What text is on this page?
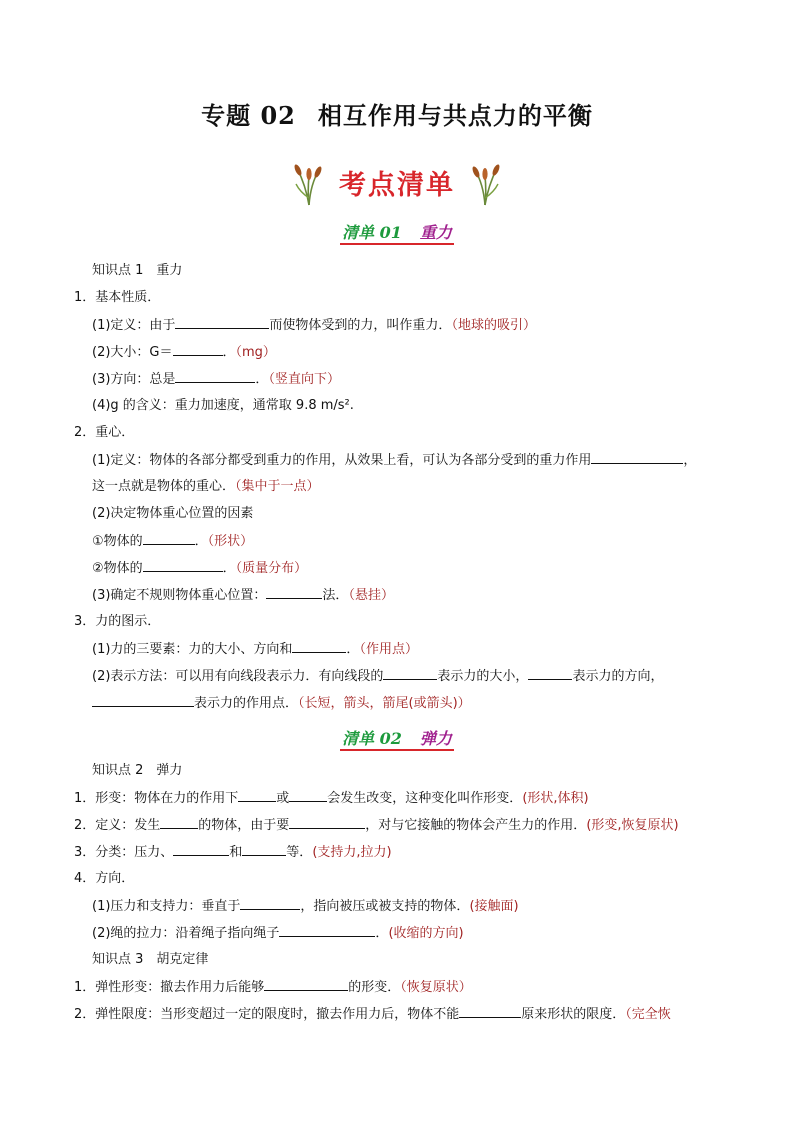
专题 02 相互作用与共点力的平衡
考点清单
清单 01 重力
知识点 1　重力
1．基本性质．
(1)定义：由于	而使物体受到的力，叫作重力．（地球的吸引）
(2)大小：G＝	．（mg）
(3)方向：总是	．（竖直向下）
(4)g 的含义：重力加速度，通常取 9.8 m/s².
2．重心．
(1)定义：物体的各部分都受到重力的作用，从效果上看，可认为各部分受到的重力作用	，
这一点就是物体的重心．（集中于一点）
(2)决定物体重心位置的因素
①物体的	．（形状）
②物体的	．（质量分布）
(3)确定不规则物体重心位置：	法．（悬挂）
3．力的图示．
(1)力的三要素：力的大小、方向和	．（作用点）
(2)表示方法：可以用有向线段表示力．有向线段的	表示力的大小，	表示力的方向，
表示力的作用点．（长短，箭头，箭尾(或箭头)）
清单 02 弹力
知识点 2　弹力
1．形变：物体在力的作用下	或	会发生改变，这种变化叫作形变．(形状,体积)
2．定义：发生	的物体，由于要	，对与它接触的物体会产生力的作用．(形变,恢复原状)
3．分类：压力、	和	等．(支持力,拉力)
4．方向．
(1)压力和支持力：垂直于	，指向被压或被支持的物体．(接触面)
(2)绳的拉力：沿着绳子指向绳子	．(收缩的方向)
知识点 3　胡克定律
1．弹性形变：撤去作用力后能够	的形变．（恢复原状）
2．弹性限度：当形变超过一定的限度时，撤去作用力后，物体不能	原来形状的限度．（完全恢
